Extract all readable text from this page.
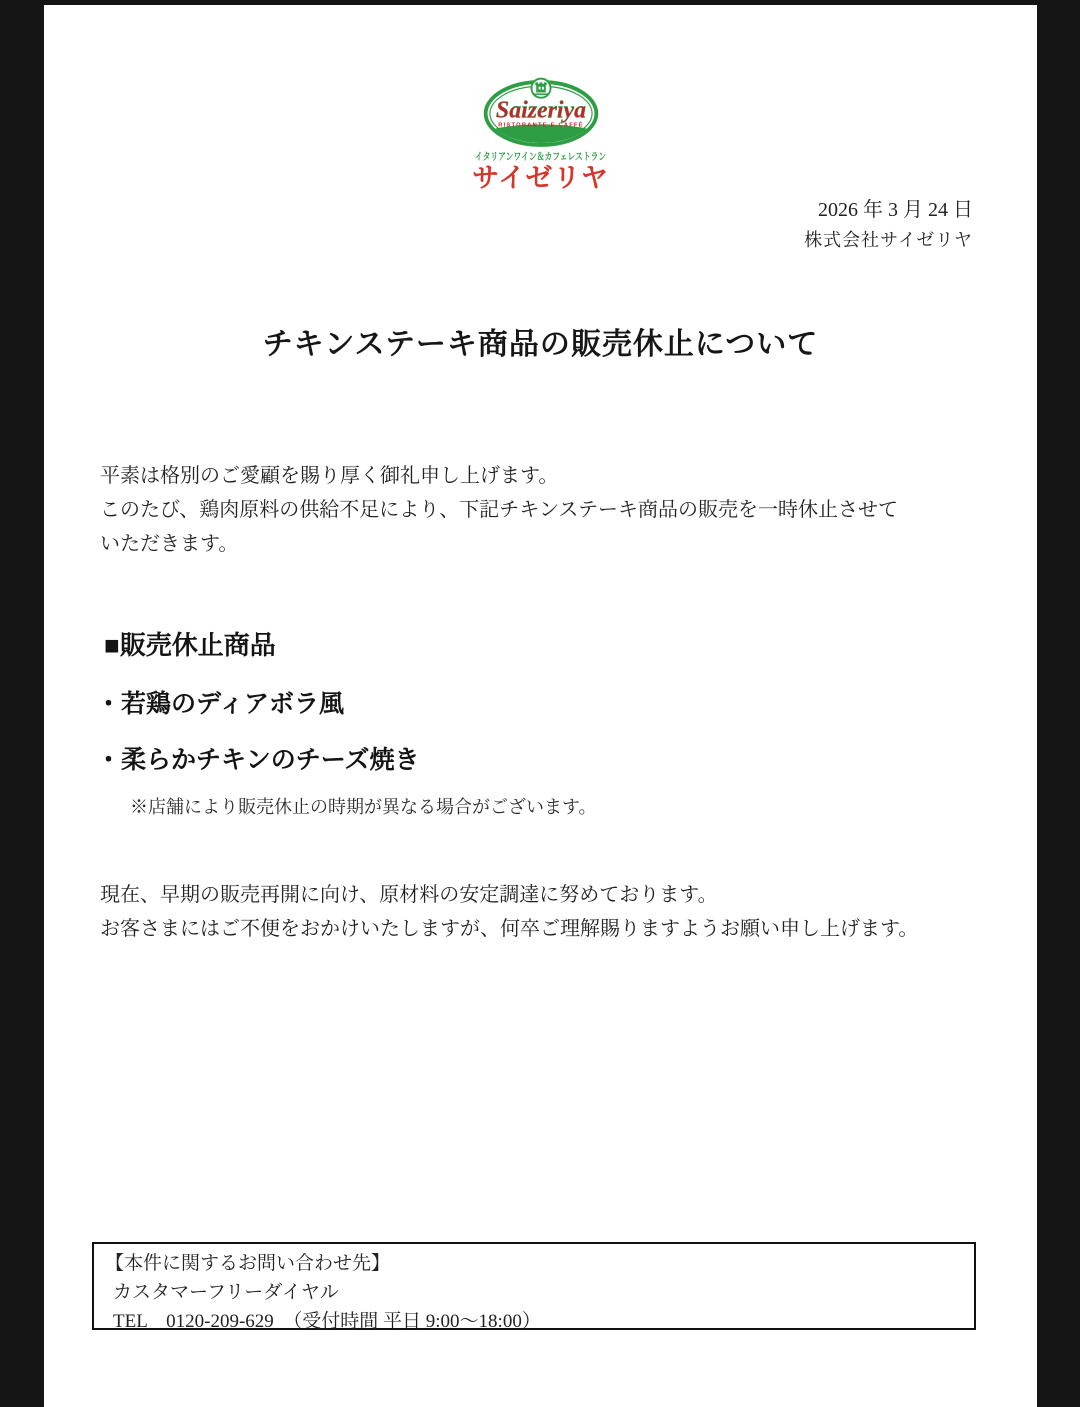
RISTORANTE E CAFFÈ
Saizeriya
イタリアンワイン＆カフェレストラン
サイゼリヤ
2026 年 3 月 24 日
株式会社サイゼリヤ
チキンステーキ商品の販売休止について
平素は格別のご愛顧を賜り厚く御礼申し上げます。
このたび、鶏肉原料の供給不足により、下記チキンステーキ商品の販売を一時休止させて
いただきます。
■販売休止商品
・若鶏のディアボラ風
・柔らかチキンのチーズ焼き
※店舗により販売休止の時期が異なる場合がございます。
現在、早期の販売再開に向け、原材料の安定調達に努めております。
お客さまにはご不便をおかけいたしますが、何卒ご理解賜りますようお願い申し上げます。
【本件に関するお問い合わせ先】
カスタマーフリーダイヤル
TEL　0120-209-629　（受付時間 平日 9:00～18:00）
